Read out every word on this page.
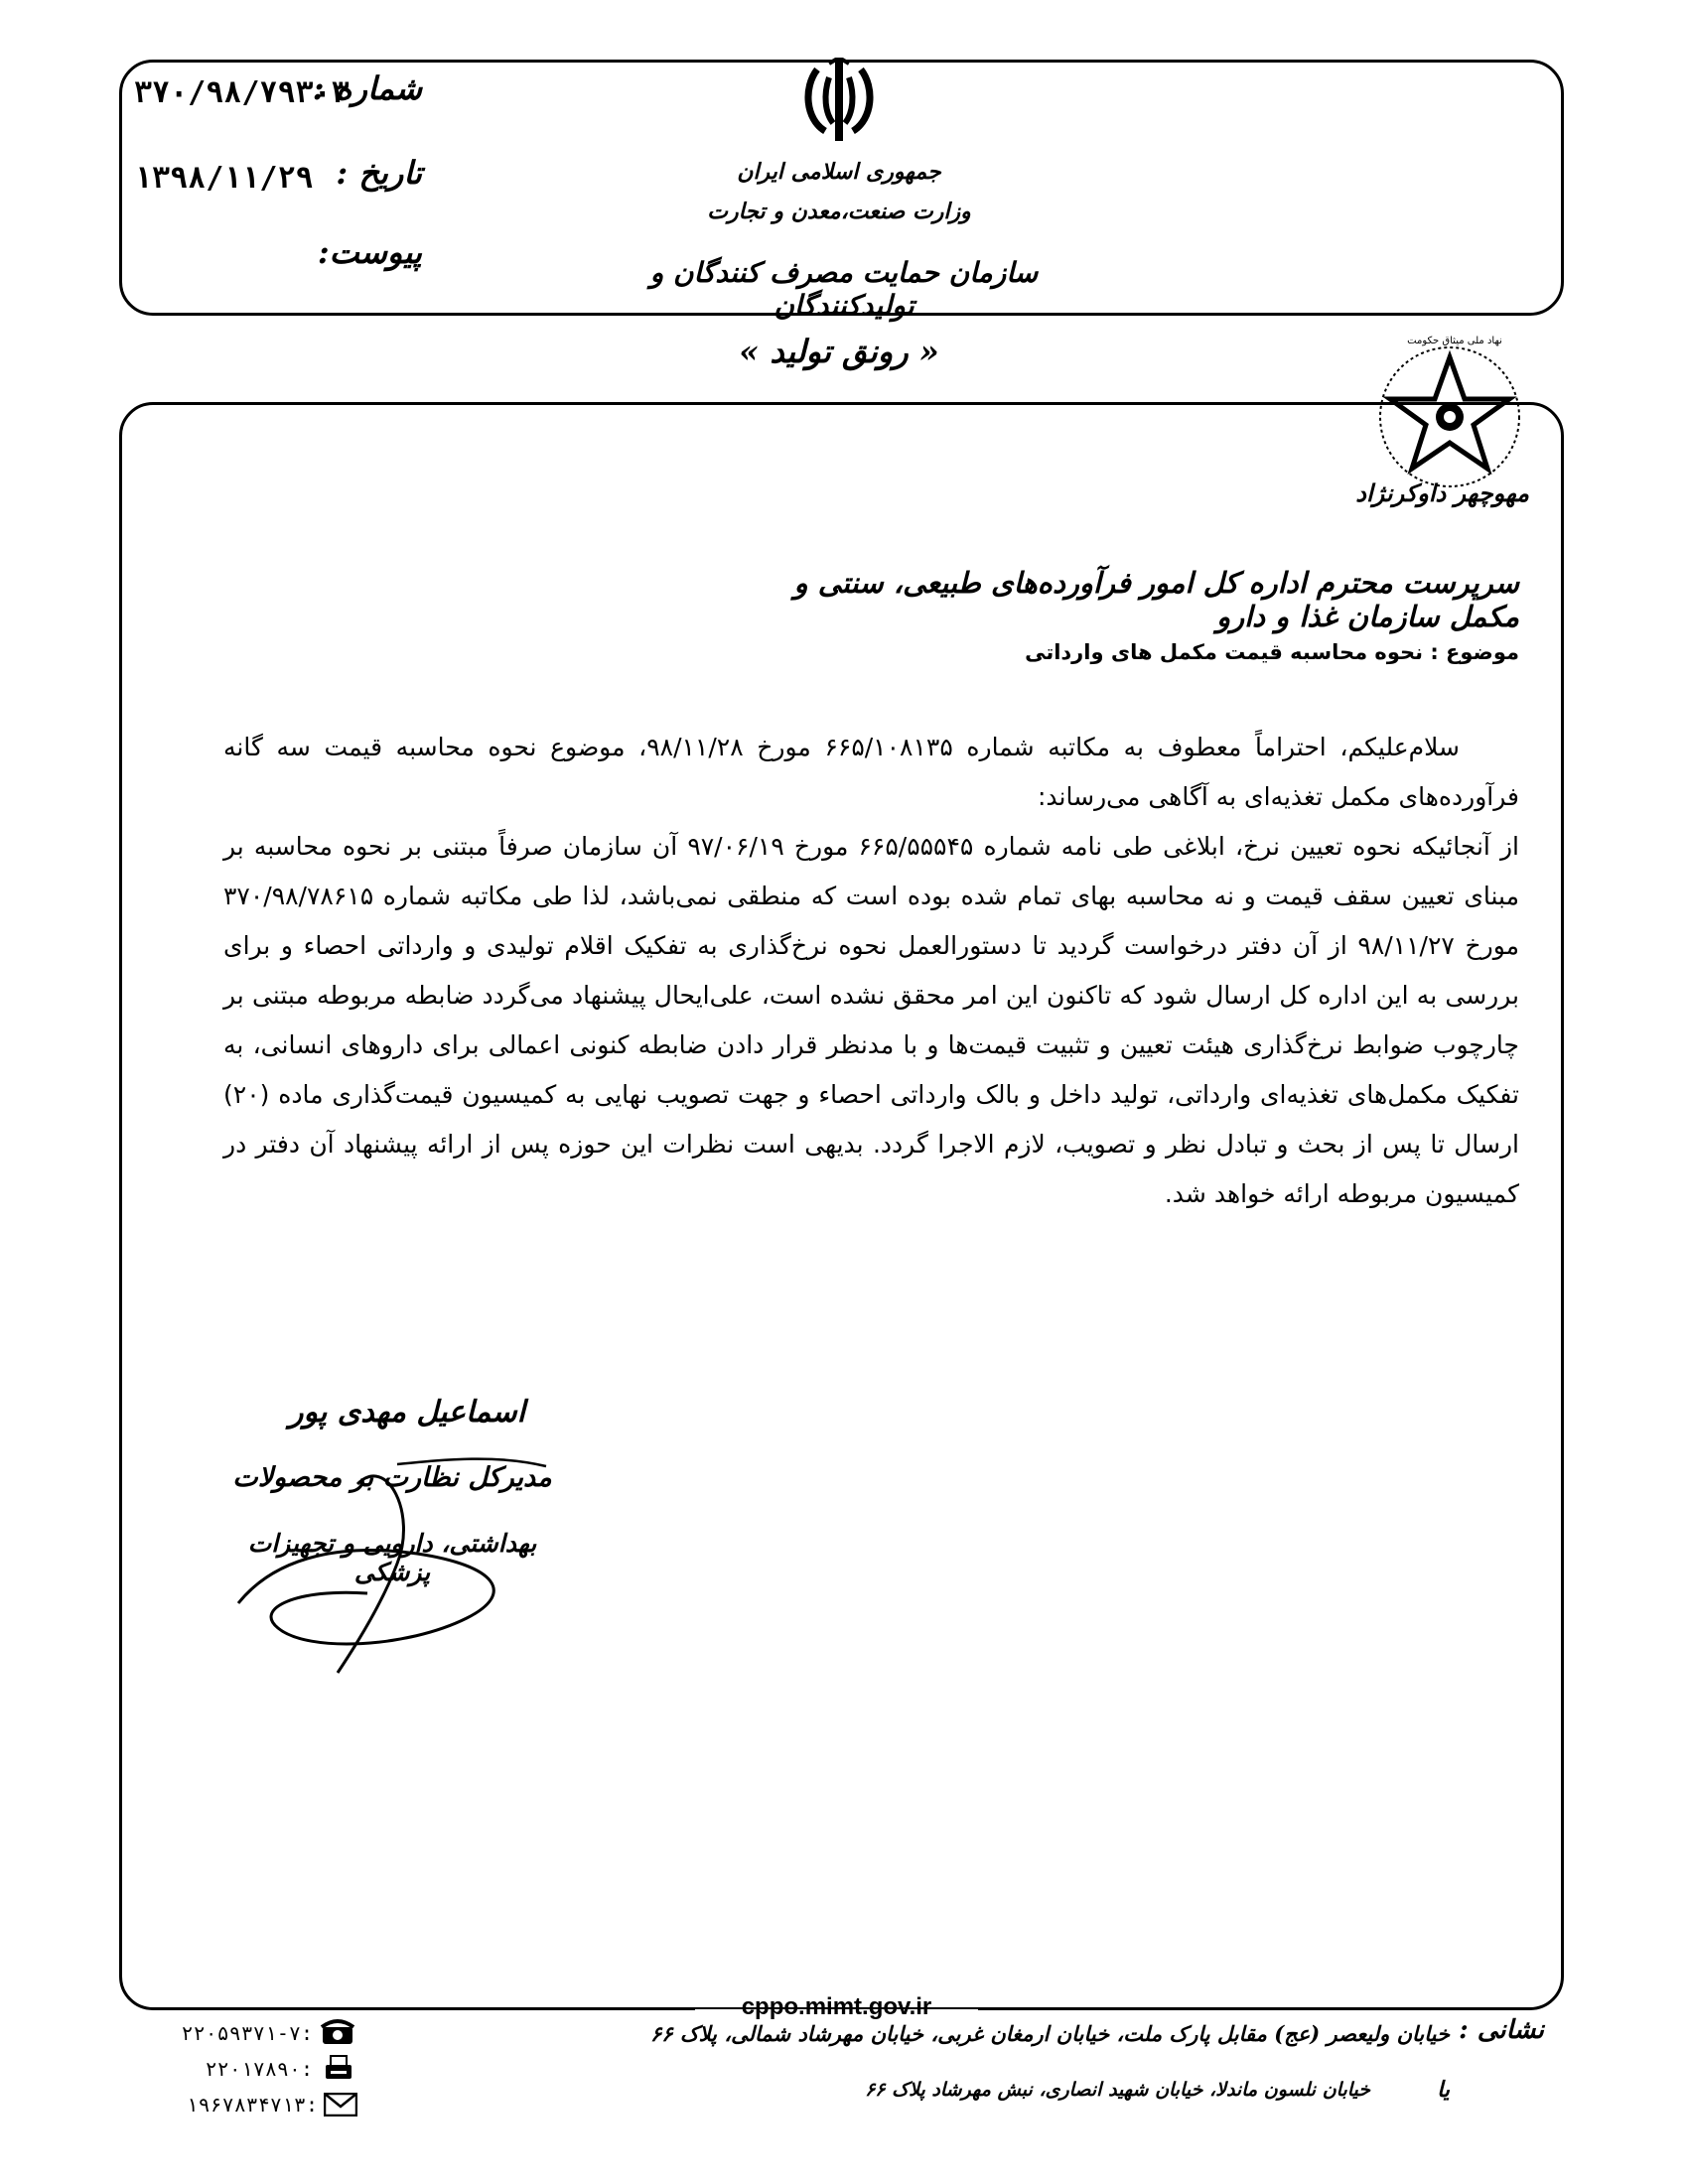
شماره :
۳۷۰/۹۸/۷۹۳۰۳
تاریخ :
۱۳۹۸/۱۱/۲۹
پیوست:
جمهوری اسلامی ایران
وزارت صنعت،معدن و تجارت
سازمان حمایت مصرف کنندگان و تولیدکنندگان
« رونق تولید »	نهاد ملی میثاق حکومت
مهوچهر داوکرنژاد
سرپرست محترم اداره کل امور فرآورده‌های طبیعی، سنتی و مکمل سازمان غذا و دارو
موضوع : نحوه محاسبه قیمت مکمل های وارداتی
سلام‌علیکم، احتراماً معطوف به مکاتبه شماره ۶۶۵/۱۰۸۱۳۵ مورخ ۹۸/۱۱/۲۸، موضوع نحوه محاسبه قیمت سه گانه فرآورده‌های مکمل تغذیه‌ای به آگاهی می‌رساند:
از آنجائیکه نحوه تعیین نرخ، ابلاغی طی نامه شماره ۶۶۵/۵۵۵۴۵ مورخ ۹۷/۰۶/۱۹ آن سازمان صرفاً مبتنی بر نحوه محاسبه بر مبنای تعیین سقف قیمت و نه محاسبه بهای تمام شده بوده است که منطقی نمی‌باشد، لذا طی مکاتبه شماره ۳۷۰/۹۸/۷۸۶۱۵ مورخ ۹۸/۱۱/۲۷ از آن دفتر درخواست گردید تا دستورالعمل نحوه نرخ‌گذاری به تفکیک اقلام تولیدی و وارداتی احصاء و برای بررسی به این اداره کل ارسال شود که تاکنون این امر محقق نشده است، علی‌ایحال پیشنهاد می‌گردد ضابطه مربوطه مبتنی بر چارچوب ضوابط نرخ‌گذاری هیئت تعیین و تثبیت قیمت‌ها و با مدنظر قرار دادن ضابطه کنونی اعمالی برای داروهای انسانی، به تفکیک مکمل‌های تغذیه‌ای وارداتی، تولید داخل و بالک وارداتی احصاء و جهت تصویب نهایی به کمیسیون قیمت‌گذاری ماده (۲۰) ارسال تا پس از بحث و تبادل نظر و تصویب، لازم الاجرا گردد. بدیهی است نظرات این حوزه پس از ارائه پیشنهاد آن دفتر در کمیسیون مربوطه ارائه خواهد شد.
اسماعیل مهدی پور
مدیرکل نظارت بر محصولات
بهداشتی، دارویی و تجهیزات پزشکی
cppo.mimt.gov.ir
۲۲۰۵۹۳۷۱-۷:
۲۲۰۱۷۸۹۰:
۱۹۶۷۸۳۴۷۱۳:
نشانی :
خیابان ولیعصر (عج) مقابل پارک ملت، خیابان ارمغان غربی، خیابان مهرشاد شمالی، پلاک ۶۶
یا
خیابان نلسون ماندلا، خیابان شهید انصاری، نبش مهرشاد پلاک ۶۶
